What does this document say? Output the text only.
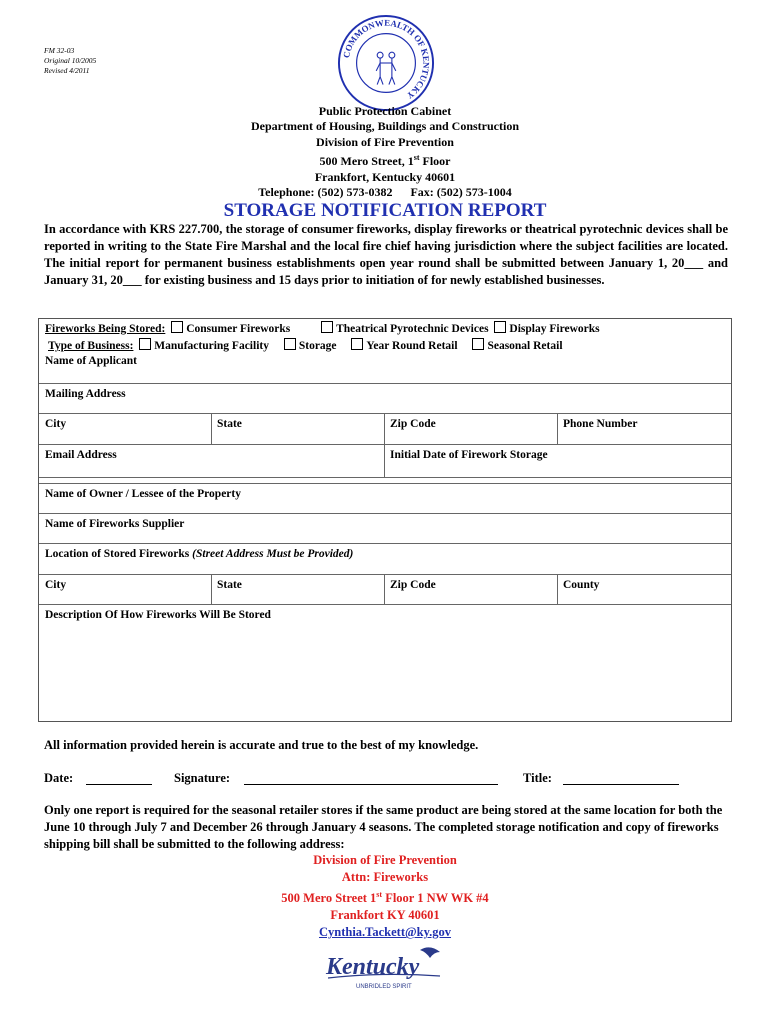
FM 32-03
Original 10/2005
Revised 4/2011
COMMONWEALTH OF KENTUCKY
Public Protection Cabinet
Department of Housing, Buildings and Construction
Division of Fire Prevention
500 Mero Street, 1st Floor
Frankfort, Kentucky 40601
Telephone: (502) 573-0382 Fax: (502) 573-1004
STORAGE NOTIFICATION REPORT
In accordance with KRS 227.700, the storage of consumer fireworks, display fireworks or theatrical pyrotechnic devices shall be reported in writing to the State Fire Marshal and the local fire chief having jurisdiction where the subject facilities are located. The initial report for permanent business establishments open year round shall be submitted between January 1, 20___ and January 31, 20___ for existing business and 15 days prior to initiation of for newly established businesses.
Fireworks Being Stored: Consumer Fireworks	Theatrical Pyrotechnic Devices Display Fireworks
Type of Business: Manufacturing Facility	Storage	Year Round Retail	Seasonal Retail
Name of Applicant
Mailing Address
City	State	Zip Code	Phone Number
Email Address	Initial Date of Firework Storage
Name of Owner / Lessee of the Property
Name of Fireworks Supplier
Location of Stored Fireworks (Street Address Must be Provided)
City	State	Zip Code	County
Description Of How Fireworks Will Be Stored
All information provided herein is accurate and true to the best of my knowledge.
Date:	Signature:	Title:
Only one report is required for the seasonal retailer stores if the same product are being stored at the same location for both the June 10 through July 7 and December 26 through January 4 seasons. The completed storage notification and copy of fireworks shipping bill shall be submitted to the following address:
Division of Fire Prevention
Attn: Fireworks
500 Mero Street 1st Floor 1 NW WK #4
Frankfort KY 40601
Cynthia.Tackett@ky.gov
Kentucky
UNBRIDLED SPIRIT
